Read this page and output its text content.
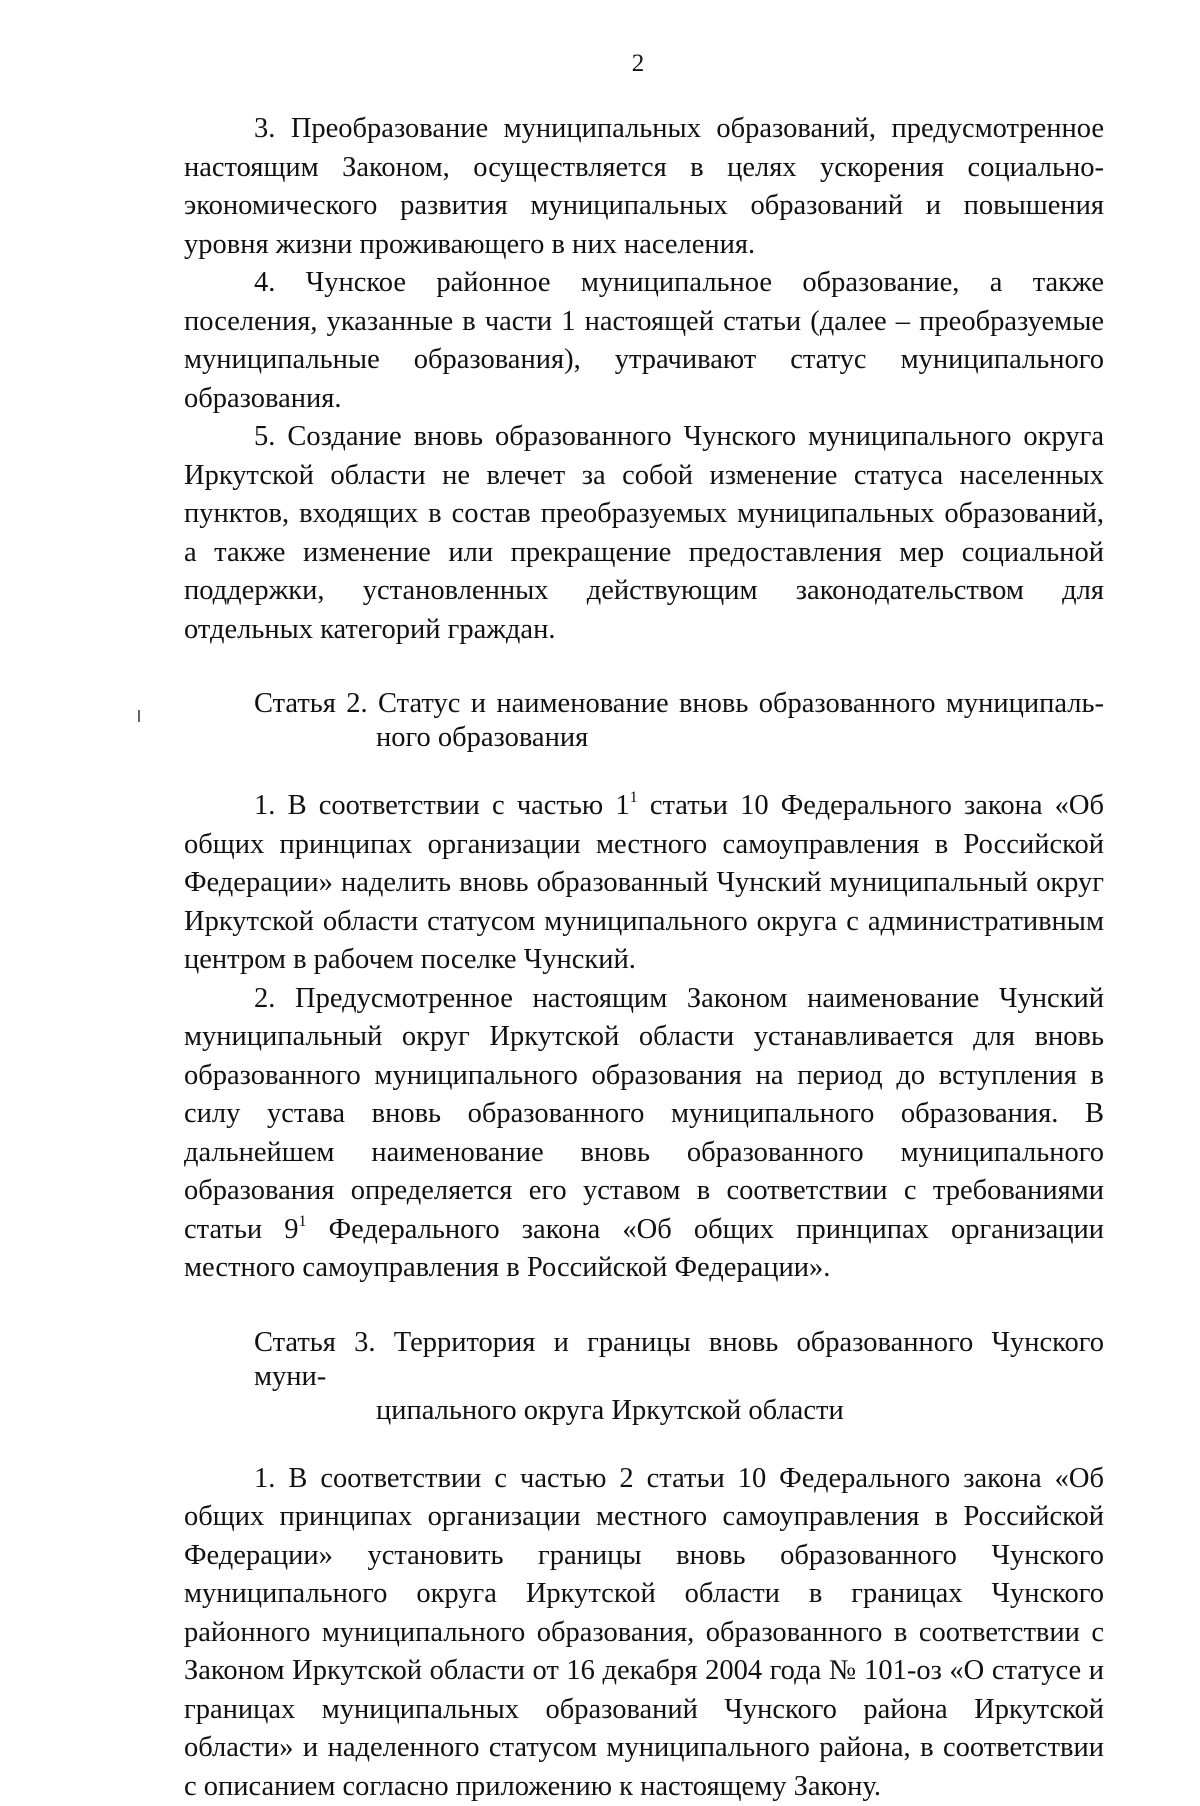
2

3. Преобразование муниципальных образований, предусмотренное настоящим Законом, осуществляется в целях ускорения социально-экономического развития муниципальных образований и повышения уровня жизни проживающего в них населения.

4. Чунское районное муниципальное образование, а также поселения, указанные в части 1 настоящей статьи (далее – преобразуемые муниципальные образования), утрачивают статус муниципального образования.

5. Создание вновь образованного Чунского муниципального округа Иркутской области не влечет за собой изменение статуса населенных пунктов, входящих в состав преобразуемых муниципальных образований, а также изменение или прекращение предоставления мер социальной поддержки, установленных действующим законодательством для отдельных категорий граждан.

Статья 2. Статус и наименование вновь образованного муниципаль-
ного образования

1. В соответствии с частью $1^1$ статьи 10 Федерального закона «Об общих принципах организации местного самоуправления в Российской Федерации» наделить вновь образованный Чунский муниципальный округ Иркутской области статусом муниципального округа с административным центром в рабочем поселке Чунский.

2. Предусмотренное настоящим Законом наименование Чунский муниципальный округ Иркутской области устанавливается для вновь образованного муниципального образования на период до вступления в силу устава вновь образованного муниципального образования. В дальнейшем наименование вновь образованного муниципального образования определяется его уставом в соответствии с требованиями статьи $9^1$ Федерального закона «Об общих принципах организации местного самоуправления в Российской Федерации».

Статья 3. Территория и границы вновь образованного Чунского муни-
ципального округа Иркутской области

1. В соответствии с частью 2 статьи 10 Федерального закона «Об общих принципах организации местного самоуправления в Российской Федерации» установить границы вновь образованного Чунского муниципального округа Иркутской области в границах Чунского районного муниципального образования, образованного в соответствии с Законом Иркутской области от 16 декабря 2004 года № 101-оз «О статусе и границах муниципальных образований Чунского района Иркутской области» и наделенного статусом муниципального района, в соответствии с описанием согласно приложению к настоящему Закону.
